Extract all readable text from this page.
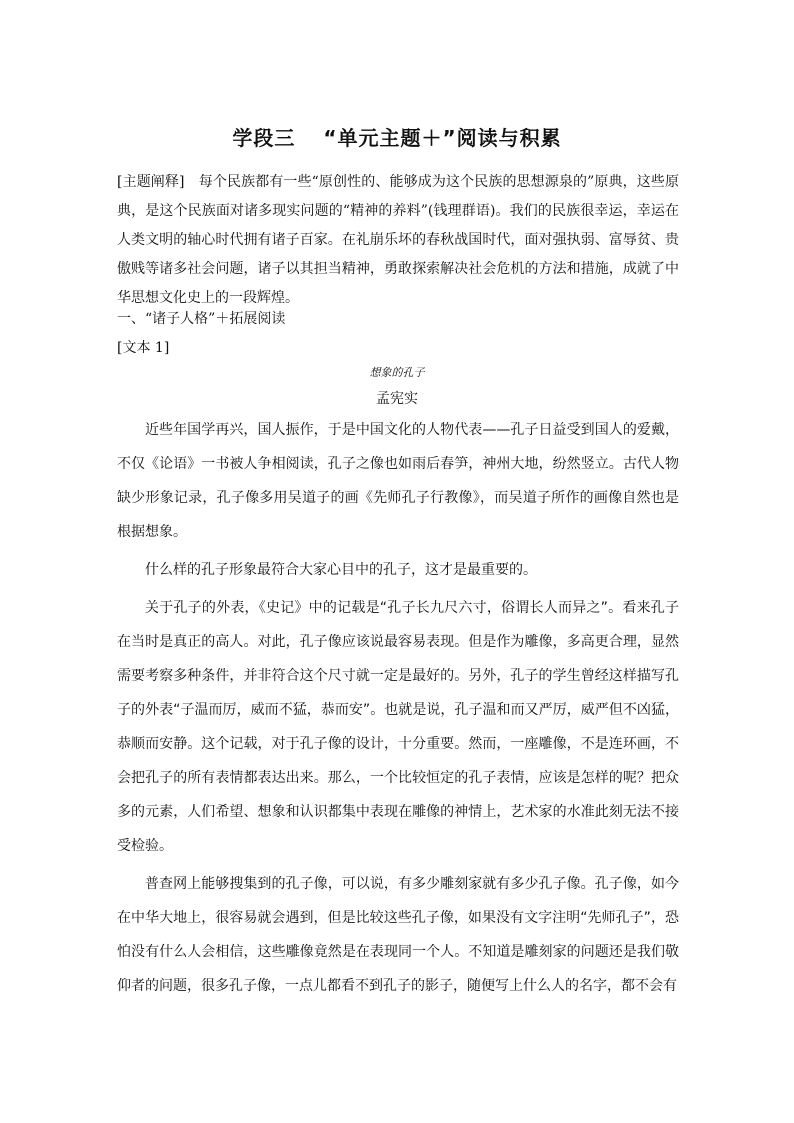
学段三 “单元主题＋”阅读与积累

[主题阐释]　每个民族都有一些“原创性的、能够成为这个民族的思想源泉的”原典，这些原典，是这个民族面对诸多现实问题的“精神的养料”(钱理群语)。我们的民族很幸运，幸运在人类文明的轴心时代拥有诸子百家。在礼崩乐坏的春秋战国时代，面对强执弱、富辱贫、贵傲贱等诸多社会问题，诸子以其担当精神，勇敢探索解决社会危机的方法和措施，成就了中华思想文化史上的一段辉煌。

一、“诸子人格”＋拓展阅读

[文本 1]

想象的孔子

孟宪实

近些年国学再兴，国人振作，于是中国文化的人物代表——孔子日益受到国人的爱戴，不仅《论语》一书被人争相阅读，孔子之像也如雨后春笋，神州大地，纷然竖立。古代人物缺少形象记录，孔子像多用吴道子的画《先师孔子行教像》，而吴道子所作的画像自然也是根据想象。

什么样的孔子形象最符合大家心目中的孔子，这才是最重要的。

关于孔子的外表，《史记》中的记载是“孔子长九尺六寸，俗谓长人而异之”。看来孔子在当时是真正的高人。对此，孔子像应该说最容易表现。但是作为雕像，多高更合理，显然需要考察多种条件，并非符合这个尺寸就一定是最好的。另外，孔子的学生曾经这样描写孔子的外表“子温而厉，威而不猛，恭而安”。也就是说，孔子温和而又严厉，威严但不凶猛，恭顺而安静。这个记载，对于孔子像的设计，十分重要。然而，一座雕像，不是连环画，不会把孔子的所有表情都表达出来。那么，一个比较恒定的孔子表情，应该是怎样的呢？把众多的元素，人们希望、想象和认识都集中表现在雕像的神情上，艺术家的水准此刻无法不接受检验。

普查网上能够搜集到的孔子像，可以说，有多少雕刻家就有多少孔子像。孔子像，如今在中华大地上，很容易就会遇到，但是比较这些孔子像，如果没有文字注明“先师孔子”，恐怕没有什么人会相信，这些雕像竟然是在表现同一个人。不知道是雕刻家的问题还是我们敬仰者的问题，很多孔子像，一点儿都看不到孔子的影子，随便写上什么人的名字，都不会有
